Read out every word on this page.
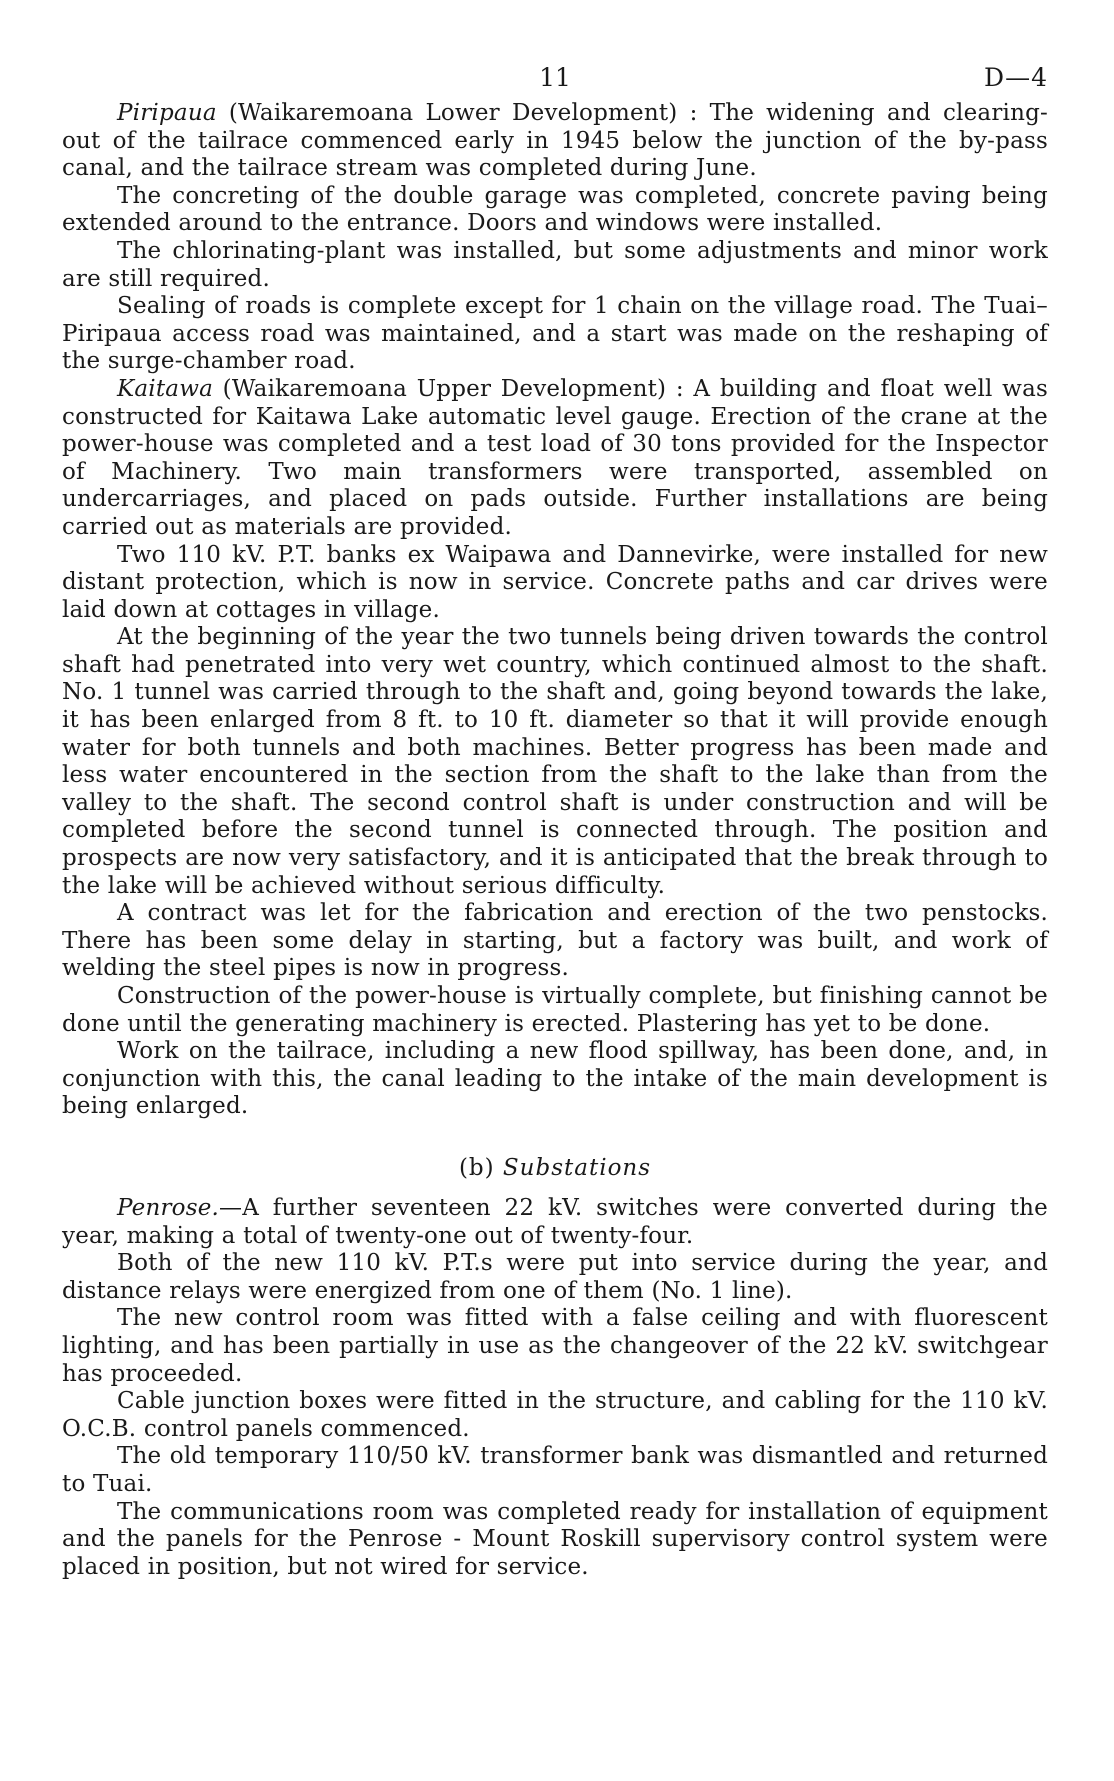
11	D—4

Piripaua (Waikaremoana Lower Development) : The widening and clearing-out of the tailrace commenced early in 1945 below the junction of the by-pass canal, and the tailrace stream was completed during June.

The concreting of the double garage was completed, concrete paving being extended around to the entrance. Doors and windows were installed.

The chlorinating-plant was installed, but some adjustments and minor work are still required.

Sealing of roads is complete except for 1 chain on the village road. The Tuai–Piripaua access road was maintained, and a start was made on the reshaping of the surge-chamber road.

Kaitawa (Waikaremoana Upper Development) : A building and float well was constructed for Kaitawa Lake automatic level gauge. Erection of the crane at the power-house was completed and a test load of 30 tons provided for the Inspector of Machinery. Two main transformers were transported, assembled on undercarriages, and placed on pads outside. Further installations are being carried out as materials are provided.

Two 110 kV. P.T. banks ex Waipawa and Dannevirke, were installed for new distant protection, which is now in service. Concrete paths and car drives were laid down at cottages in village.

At the beginning of the year the two tunnels being driven towards the control shaft had penetrated into very wet country, which continued almost to the shaft. No. 1 tunnel was carried through to the shaft and, going beyond towards the lake, it has been enlarged from 8 ft. to 10 ft. diameter so that it will provide enough water for both tunnels and both machines. Better progress has been made and less water encountered in the section from the shaft to the lake than from the valley to the shaft. The second control shaft is under construction and will be completed before the second tunnel is connected through. The position and prospects are now very satisfactory, and it is anticipated that the break through to the lake will be achieved without serious difficulty.

A contract was let for the fabrication and erection of the two penstocks. There has been some delay in starting, but a factory was built, and work of welding the steel pipes is now in progress.

Construction of the power-house is virtually complete, but finishing cannot be done until the generating machinery is erected. Plastering has yet to be done.

Work on the tailrace, including a new flood spillway, has been done, and, in conjunction with this, the canal leading to the intake of the main development is being enlarged.

(b) Substations

Penrose.—A further seventeen 22 kV. switches were converted during the year, making a total of twenty-one out of twenty-four.

Both of the new 110 kV. P.T.s were put into service during the year, and distance relays were energized from one of them (No. 1 line).

The new control room was fitted with a false ceiling and with fluorescent lighting, and has been partially in use as the changeover of the 22 kV. switchgear has proceeded.

Cable junction boxes were fitted in the structure, and cabling for the 110 kV. O.C.B. control panels commenced.

The old temporary 110/50 kV. transformer bank was dismantled and returned to Tuai.

The communications room was completed ready for installation of equipment and the panels for the Penrose - Mount Roskill supervisory control system were placed in position, but not wired for service.
